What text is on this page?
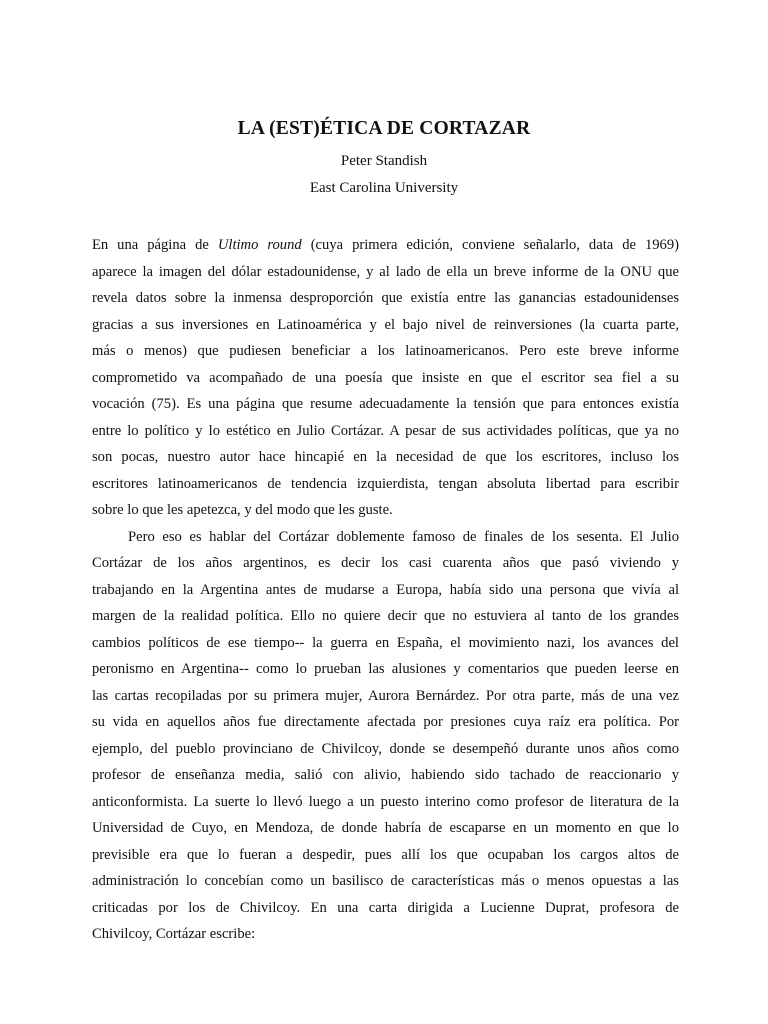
LA (EST)ÉTICA DE CORTAZAR
Peter Standish
East Carolina University
En una página de Ultimo round (cuya primera edición, conviene señalarlo, data de 1969)
aparece la imagen del dólar estadounidense, y al lado de ella un breve informe de la ONU que
revela datos sobre la inmensa desproporción que existía entre las ganancias estadounidenses
gracias a sus inversiones en Latinoamérica y el bajo nivel de reinversiones (la cuarta parte,
más o menos) que pudiesen beneficiar a los latinoamericanos. Pero este breve informe
comprometido va acompañado de una poesía que insiste en que el escritor sea fiel a su
vocación (75). Es una página que resume adecuadamente la tensión que para entonces existía
entre lo político y lo estético en Julio Cortázar. A pesar de sus actividades políticas, que ya no
son pocas, nuestro autor hace hincapié en la necesidad de que los escritores, incluso los
escritores latinoamericanos de tendencia izquierdista, tengan absoluta libertad para escribir
sobre lo que les apetezca, y del modo que les guste.
Pero eso es hablar del Cortázar doblemente famoso de finales de los sesenta. El Julio
Cortázar de los años argentinos, es decir los casi cuarenta años que pasó viviendo y
trabajando en la Argentina antes de mudarse a Europa, había sido una persona que vivía al
margen de la realidad política. Ello no quiere decir que no estuviera al tanto de los grandes
cambios políticos de ese tiempo-- la guerra en España, el movimiento nazi, los avances del
peronismo en Argentina-- como lo prueban las alusiones y comentarios que pueden leerse en
las cartas recopiladas por su primera mujer, Aurora Bernárdez. Por otra parte, más de una vez
su vida en aquellos años fue directamente afectada por presiones cuya raíz era política. Por
ejemplo, del pueblo provinciano de Chivilcoy, donde se desempeñó durante unos años como
profesor de enseñanza media, salió con alivio, habiendo sido tachado de reaccionario y
anticonformista. La suerte lo llevó luego a un puesto interino como profesor de literatura de la
Universidad de Cuyo, en Mendoza, de donde habría de escaparse en un momento en que lo
previsible era que lo fueran a despedir, pues allí los que ocupaban los cargos altos de
administración lo concebían como un basilisco de características más o menos opuestas a las
criticadas por los de Chivilcoy. En una carta dirigida a Lucienne Duprat, profesora de
Chivilcoy, Cortázar escribe:
